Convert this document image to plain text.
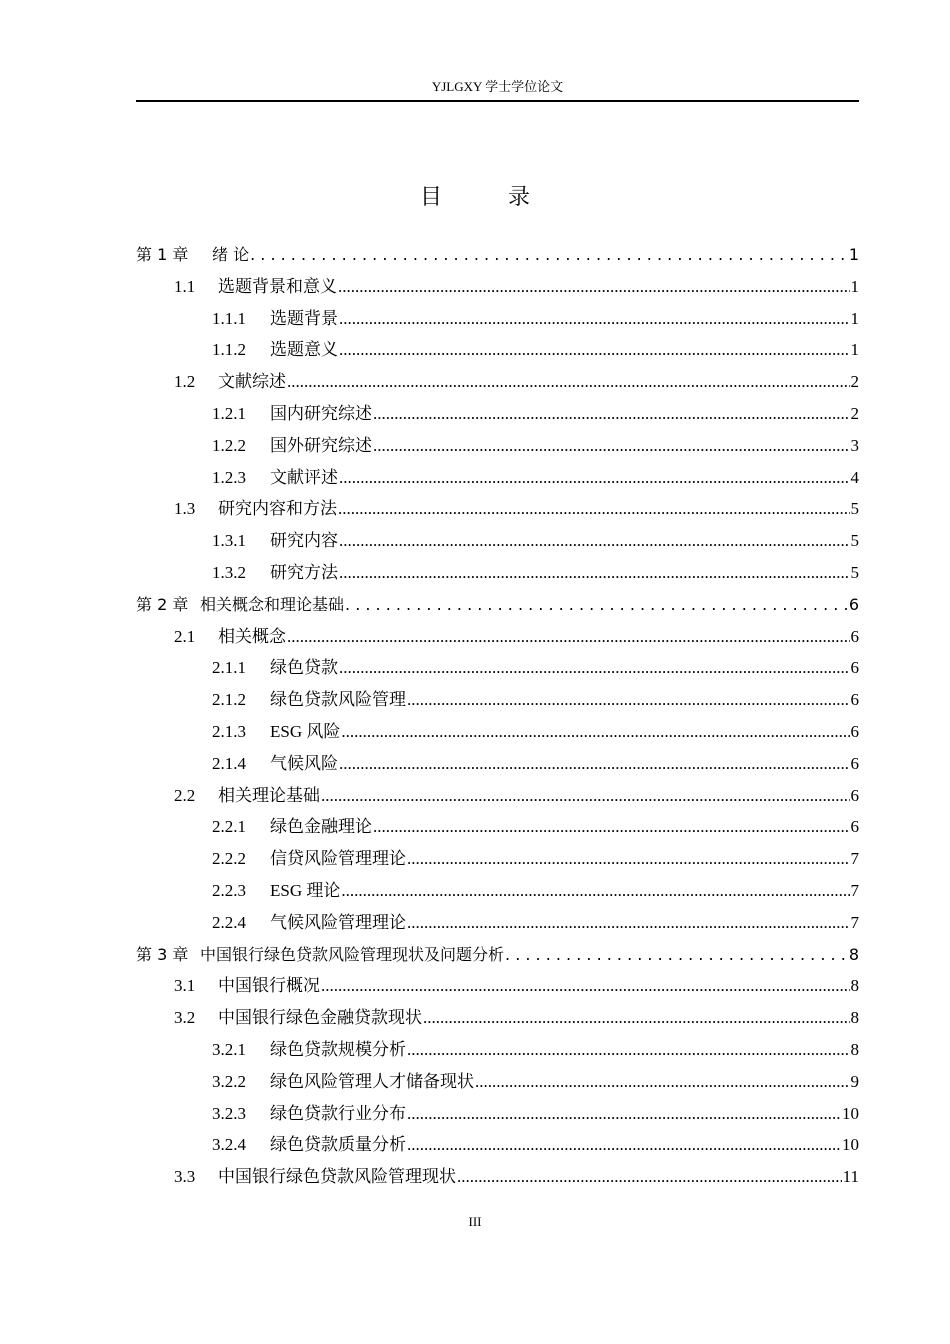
YJLGXY 学士学位论文
目　录
第 1 章	绪 论 . . .	1
1.1	选题背景和意义 .....	1
1.1.1	选题背景 .....	1
1.1.2	选题意义 .....	1
1.2	文献综述 .....	2
1.2.1	国内研究综述 .....	2
1.2.2	国外研究综述 .....	3
1.2.3	文献评述 .....	4
1.3	研究内容和方法 .....	5
1.3.1	研究内容 .....	5
1.3.2	研究方法 .....	5
第 2 章 相关概念和理论基础 . . .	6
2.1	相关概念 .....	6
2.1.1	绿色贷款 .....	6
2.1.2	绿色贷款风险管理 .....	6
2.1.3	ESG 风险 .....	6
2.1.4	气候风险 .....	6
2.2	相关理论基础 .....	6
2.2.1	绿色金融理论 .....	6
2.2.2	信贷风险管理理论 .....	7
2.2.3	ESG 理论 .....	7
2.2.4	气候风险管理理论 .....	7
第 3 章 中国银行绿色贷款风险管理现状及问题分析 . . .	8
3.1	中国银行概况 .....	8
3.2	中国银行绿色金融贷款现状 .....	8
3.2.1	绿色贷款规模分析 .....	8
3.2.2	绿色风险管理人才储备现状 .....	9
3.2.3	绿色贷款行业分布 .....	10
3.2.4	绿色贷款质量分析 .....	10
3.3	中国银行绿色贷款风险管理现状 .....	11
III
